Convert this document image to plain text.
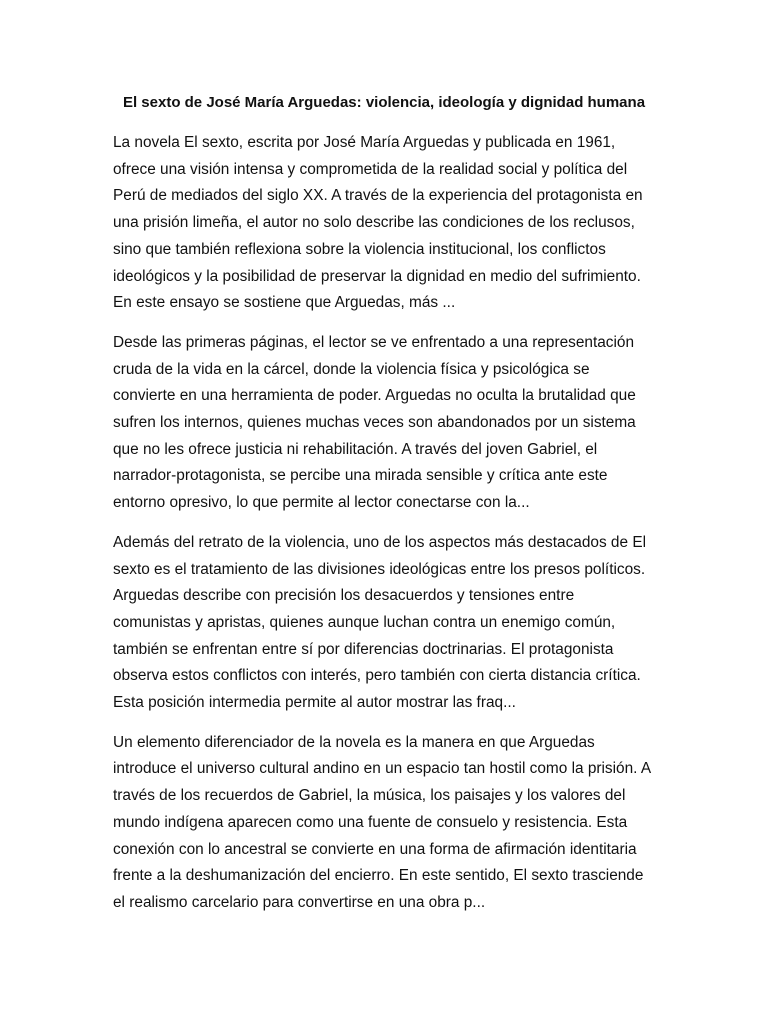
El sexto de José María Arguedas: violencia, ideología y dignidad humana

La novela El sexto, escrita por José María Arguedas y publicada en 1961, ofrece una visión intensa y comprometida de la realidad social y política del Perú de mediados del siglo XX. A través de la experiencia del protagonista en una prisión limeña, el autor no solo describe las condiciones de los reclusos, sino que también reflexiona sobre la violencia institucional, los conflictos ideológicos y la posibilidad de preservar la dignidad en medio del sufrimiento. En este ensayo se sostiene que Arguedas, más ...

Desde las primeras páginas, el lector se ve enfrentado a una representación cruda de la vida en la cárcel, donde la violencia física y psicológica se convierte en una herramienta de poder. Arguedas no oculta la brutalidad que sufren los internos, quienes muchas veces son abandonados por un sistema que no les ofrece justicia ni rehabilitación. A través del joven Gabriel, el narrador-protagonista, se percibe una mirada sensible y crítica ante este entorno opresivo, lo que permite al lector conectarse con la...

Además del retrato de la violencia, uno de los aspectos más destacados de El sexto es el tratamiento de las divisiones ideológicas entre los presos políticos. Arguedas describe con precisión los desacuerdos y tensiones entre comunistas y apristas, quienes aunque luchan contra un enemigo común, también se enfrentan entre sí por diferencias doctrinarias. El protagonista observa estos conflictos con interés, pero también con cierta distancia crítica. Esta posición intermedia permite al autor mostrar las fraq...

Un elemento diferenciador de la novela es la manera en que Arguedas introduce el universo cultural andino en un espacio tan hostil como la prisión. A través de los recuerdos de Gabriel, la música, los paisajes y los valores del mundo indígena aparecen como una fuente de consuelo y resistencia. Esta conexión con lo ancestral se convierte en una forma de afirmación identitaria frente a la deshumanización del encierro. En este sentido, El sexto trasciende el realismo carcelario para convertirse en una obra p...
